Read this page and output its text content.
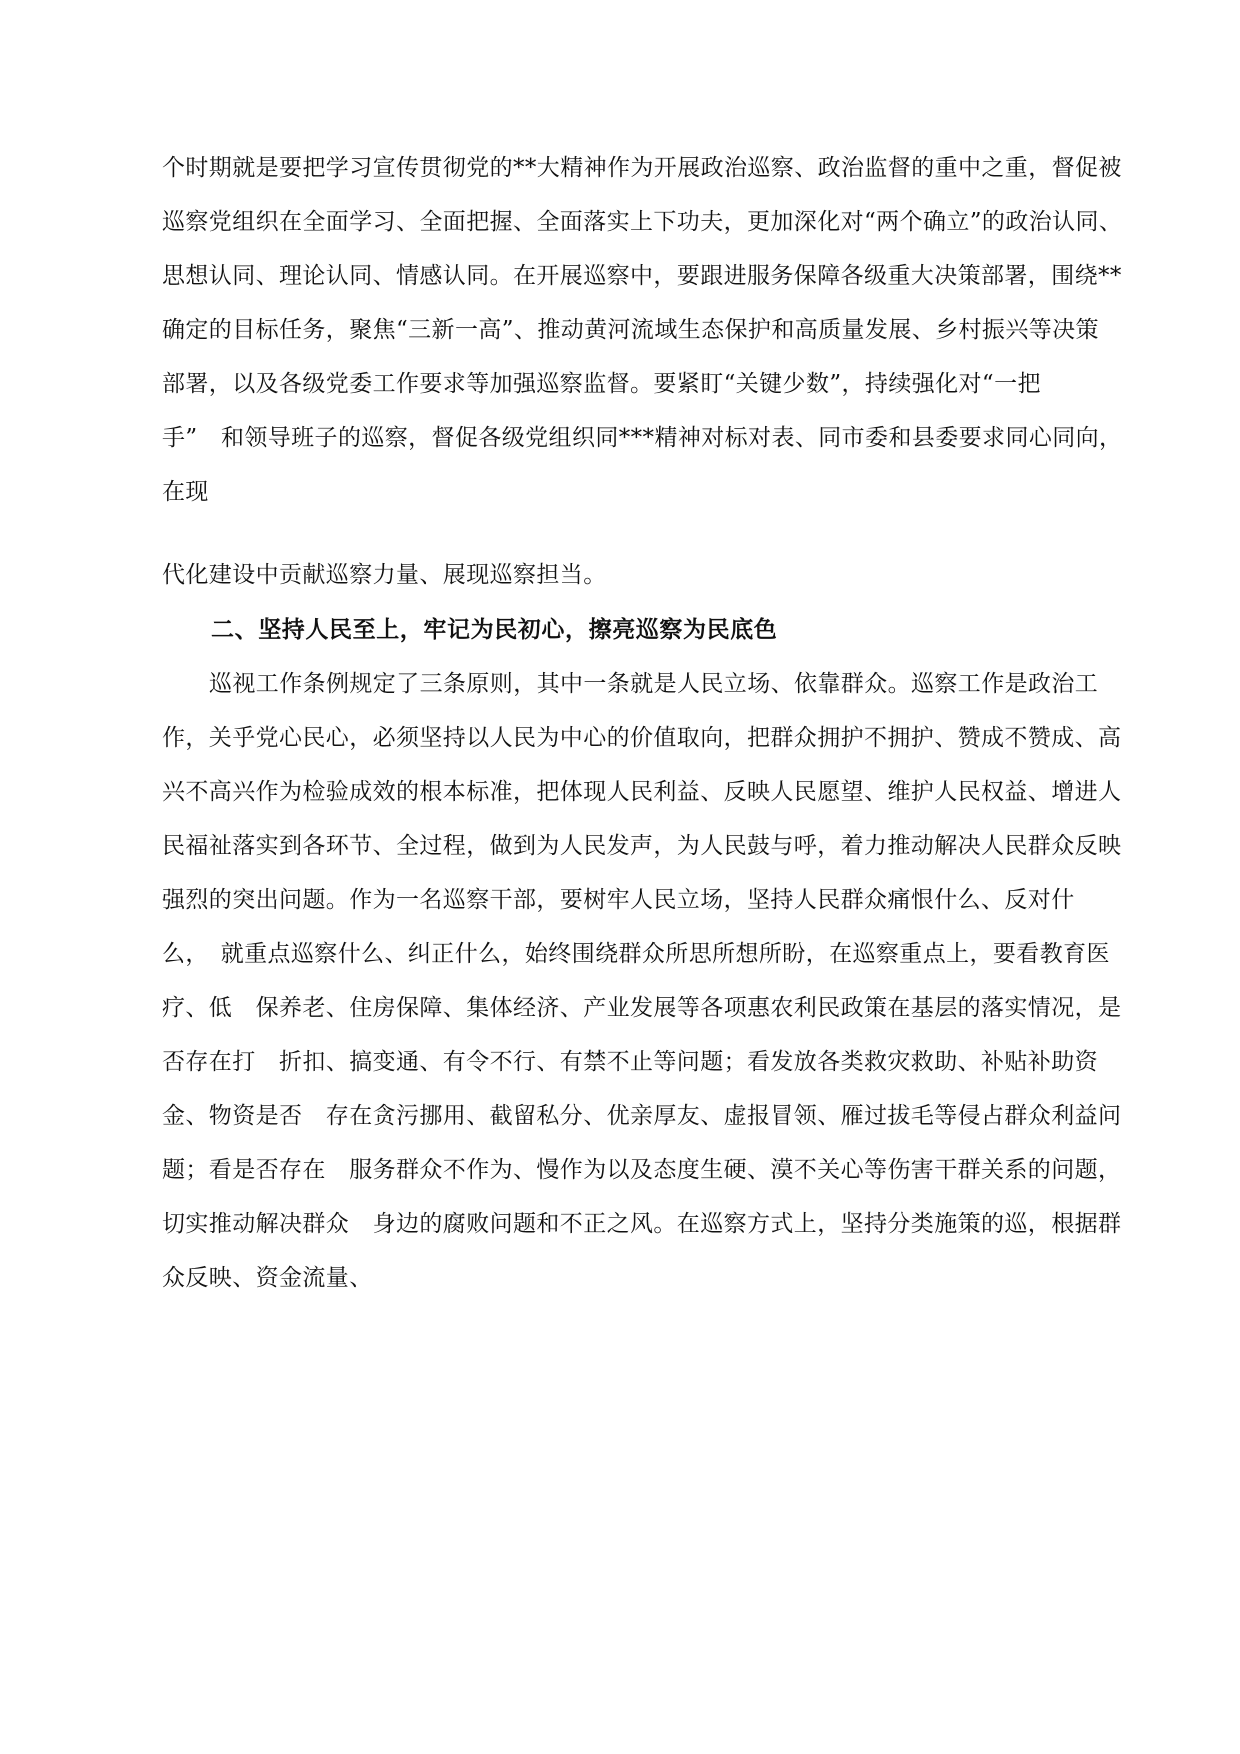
个时期就是要把学习宣传贯彻党的**大精神作为开展政治巡察、政治监督的重中之重，督促被
巡察党组织在全面学习、全面把握、全面落实上下功夫，更加深化对“两个确立”的政治认同、
思想认同、理论认同、情感认同。在开展巡察中，要跟进服务保障各级重大决策部署，围绕**
确定的目标任务，聚焦“三新一高”、推动黄河流域生态保护和高质量发展、乡村振兴等决策
部署，以及各级党委工作要求等加强巡察监督。要紧盯“关键少数”，持续强化对“一把
手”　和领导班子的巡察，督促各级党组织同***精神对标对表、同市委和县委要求同心同向，
在现
代化建设中贡献巡察力量、展现巡察担当。
二、坚持人民至上，牢记为民初心，擦亮巡察为民底色
巡视工作条例规定了三条原则，其中一条就是人民立场、依靠群众。巡察工作是政治工
作，关乎党心民心，必须坚持以人民为中心的价值取向，把群众拥护不拥护、赞成不赞成、高
兴不高兴作为检验成效的根本标准，把体现人民利益、反映人民愿望、维护人民权益、增进人
民福祉落实到各环节、全过程，做到为人民发声，为人民鼓与呼，着力推动解决人民群众反映
强烈的突出问题。作为一名巡察干部，要树牢人民立场，坚持人民群众痛恨什么、反对什
么，　就重点巡察什么、纠正什么，始终围绕群众所思所想所盼，在巡察重点上，要看教育医
疗、低　保养老、住房保障、集体经济、产业发展等各项惠农利民政策在基层的落实情况，是
否存在打　折扣、搞变通、有令不行、有禁不止等问题；看发放各类救灾救助、补贴补助资
金、物资是否　存在贪污挪用、截留私分、优亲厚友、虚报冒领、雁过拔毛等侵占群众利益问
题；看是否存在　服务群众不作为、慢作为以及态度生硬、漠不关心等伤害干群关系的问题，
切实推动解决群众　身边的腐败问题和不正之风。在巡察方式上，坚持分类施策的巡，根据群
众反映、资金流量、
